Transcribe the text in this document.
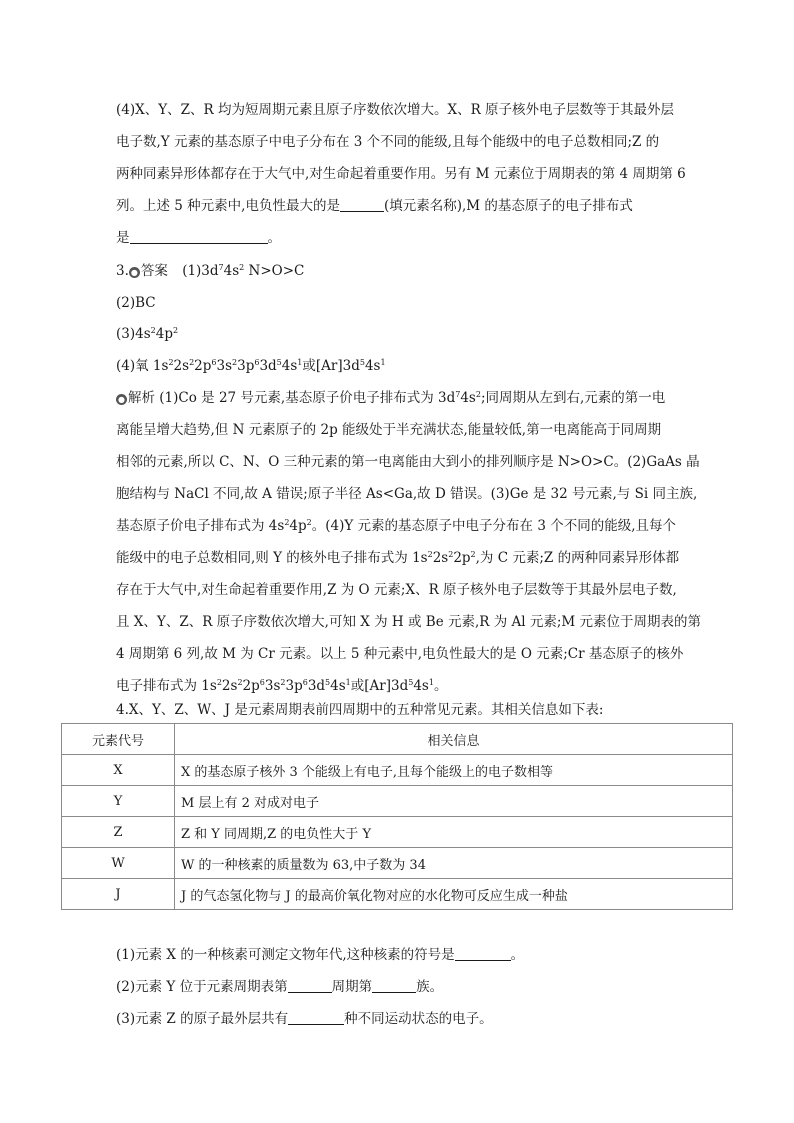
(4)X、Y、Z、R 均为短周期元素且原子序数依次增大。X、R 原子核外电子层数等于其最外层
电子数,Y 元素的基态原子中电子分布在 3 个不同的能级,且每个能级中的电子总数相同;Z 的
两种同素异形体都存在于大气中,对生命起着重要作用。另有 M 元素位于周期表的第 4 周期第 6
列。上述 5 种元素中,电负性最大的是	(填元素名称),M 的基态原子的电子排布式
是	。
3. ● 答案 $(1)3d^74s^2$ N>O>C
(2)BC
$(3)4s^24p^2$
(4)氧 $1s^22s^22p^63s^23p^63d^54s^1$或$[Ar]3d^54s^1$
● 解析 (1)Co 是 27 号元素,基态原子价电子排布式为 $3d^74s^2$;同周期从左到右,元素的第一电
离能呈增大趋势,但 N 元素原子的 2p 能级处于半充满状态,能量较低,第一电离能高于同周期
相邻的元素,所以 C、N、O 三种元素的第一电离能由大到小的排列顺序是 N>O>C。(2)GaAs 晶
胞结构与 NaCl 不同,故 A 错误;原子半径 As<Ga,故 D 错误。(3)Ge 是 32 号元素,与 Si 同主族,
基态原子价电子排布式为 $4s^24p^2$。(4)Y 元素的基态原子中电子分布在 3 个不同的能级,且每个
能级中的电子总数相同,则 Y 的核外电子排布式为 $1s^22s^22p^2$,为 C 元素;Z 的两种同素异形体都
存在于大气中,对生命起着重要作用,Z 为 O 元素;X、R 原子核外电子层数等于其最外层电子数,
且 X、Y、Z、R 原子序数依次增大,可知 X 为 H 或 Be 元素,R 为 Al 元素;M 元素位于周期表的第
4 周期第 6 列,故 M 为 Cr 元素。以上 5 种元素中,电负性最大的是 O 元素;Cr 基态原子的核外
电子排布式为 $1s^22s^22p^63s^23p^63d^54s^1$或$[Ar]3d^54s^1$。
4.X、Y、Z、W、J 是元素周期表前四周期中的五种常见元素。其相关信息如下表:
元素代号	相关信息
X	X 的基态原子核外 3 个能级上有电子,且每个能级上的电子数相等
Y	M 层上有 2 对成对电子
Z	Z 和 Y 同周期,Z 的电负性大于 Y
W	W 的一种核素的质量数为 63,中子数为 34
J	J 的气态氢化物与 J 的最高价氧化物对应的水化物可反应生成一种盐
(1)元素 X 的一种核素可测定文物年代,这种核素的符号是	。
(2)元素 Y 位于元素周期表第	周期第	族。
(3)元素 Z 的原子最外层共有	种不同运动状态的电子。
